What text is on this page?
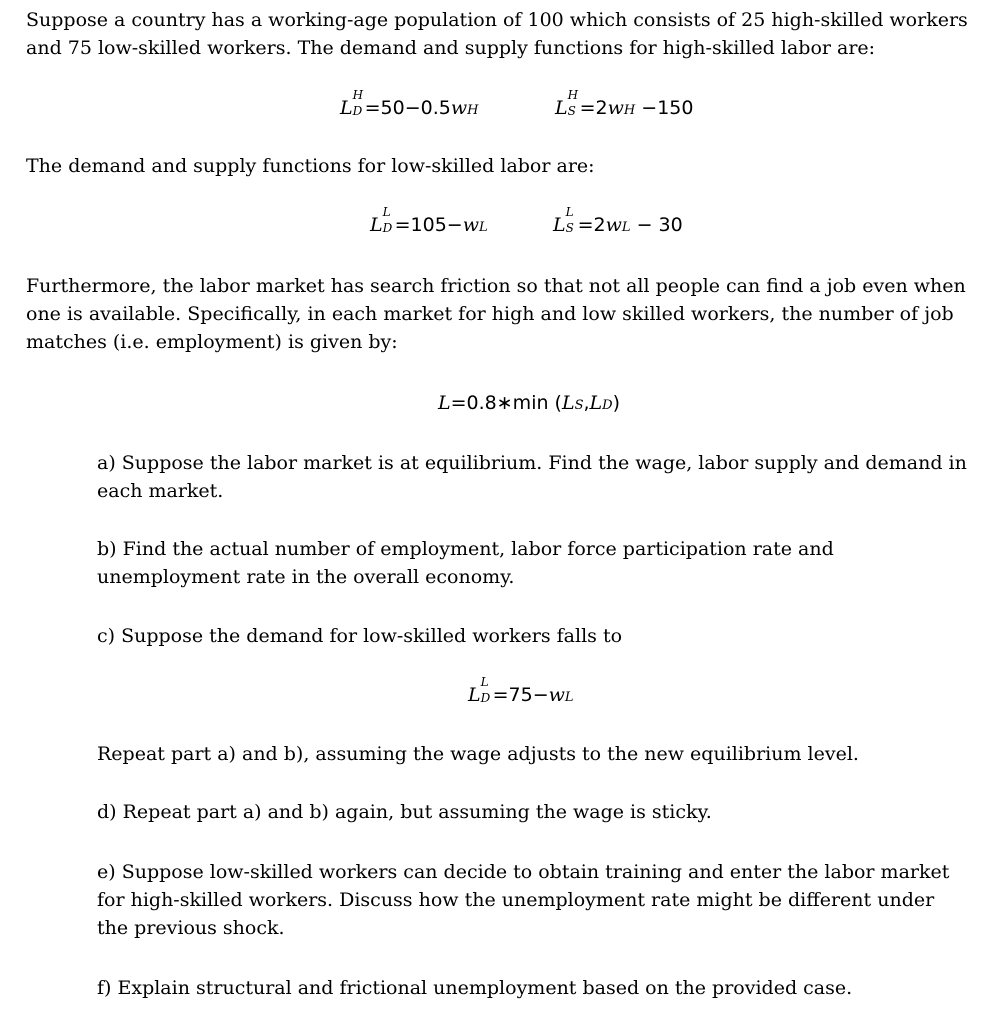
Suppose a country has a working-age population of 100 which consists of 25 high-skilled workers and 75 low-skilled workers. The demand and supply functions for high-skilled labor are:

L
H
D =50−0.5wH	L
H
S =2wH −150

The demand and supply functions for low-skilled labor are:

L
L
D =105−wL	L
L
S =2wL − 30

Furthermore, the labor market has search friction so that not all people can find a job even when one is available. Specifically, in each market for high and low skilled workers, the number of job matches (i.e. employment) is given by:

L=0.8∗min (LS,LD)

a) Suppose the labor market is at equilibrium. Find the wage, labor supply and demand in each market.

b) Find the actual number of employment, labor force participation rate and unemployment rate in the overall economy.

c) Suppose the demand for low-skilled workers falls to

L
L
D =75−wL

Repeat part a) and b), assuming the wage adjusts to the new equilibrium level.

d) Repeat part a) and b) again, but assuming the wage is sticky.

e) Suppose low-skilled workers can decide to obtain training and enter the labor market for high-skilled workers. Discuss how the unemployment rate might be different under the previous shock.

f) Explain structural and frictional unemployment based on the provided case.
